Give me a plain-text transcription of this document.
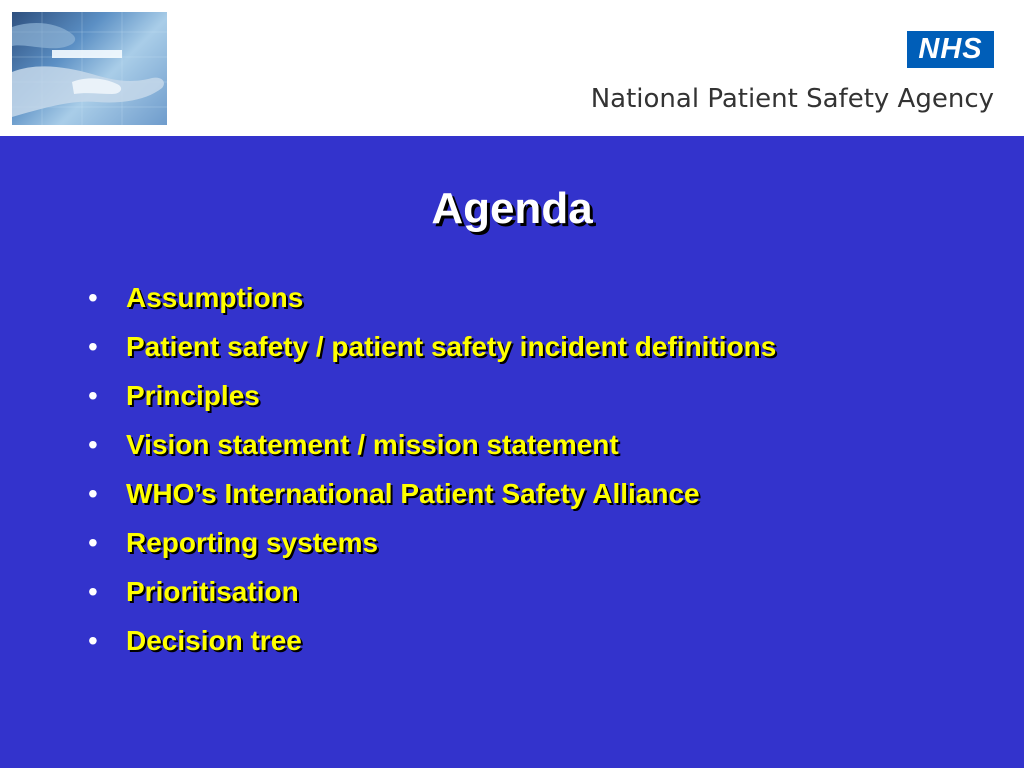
NHS
National Patient Safety Agency
Agenda
•	Assumptions
•	Patient safety / patient safety incident definitions
•	Principles
•	Vision statement / mission statement
•	WHO’s International Patient Safety Alliance
•	Reporting systems
•	Prioritisation
•	Decision tree
